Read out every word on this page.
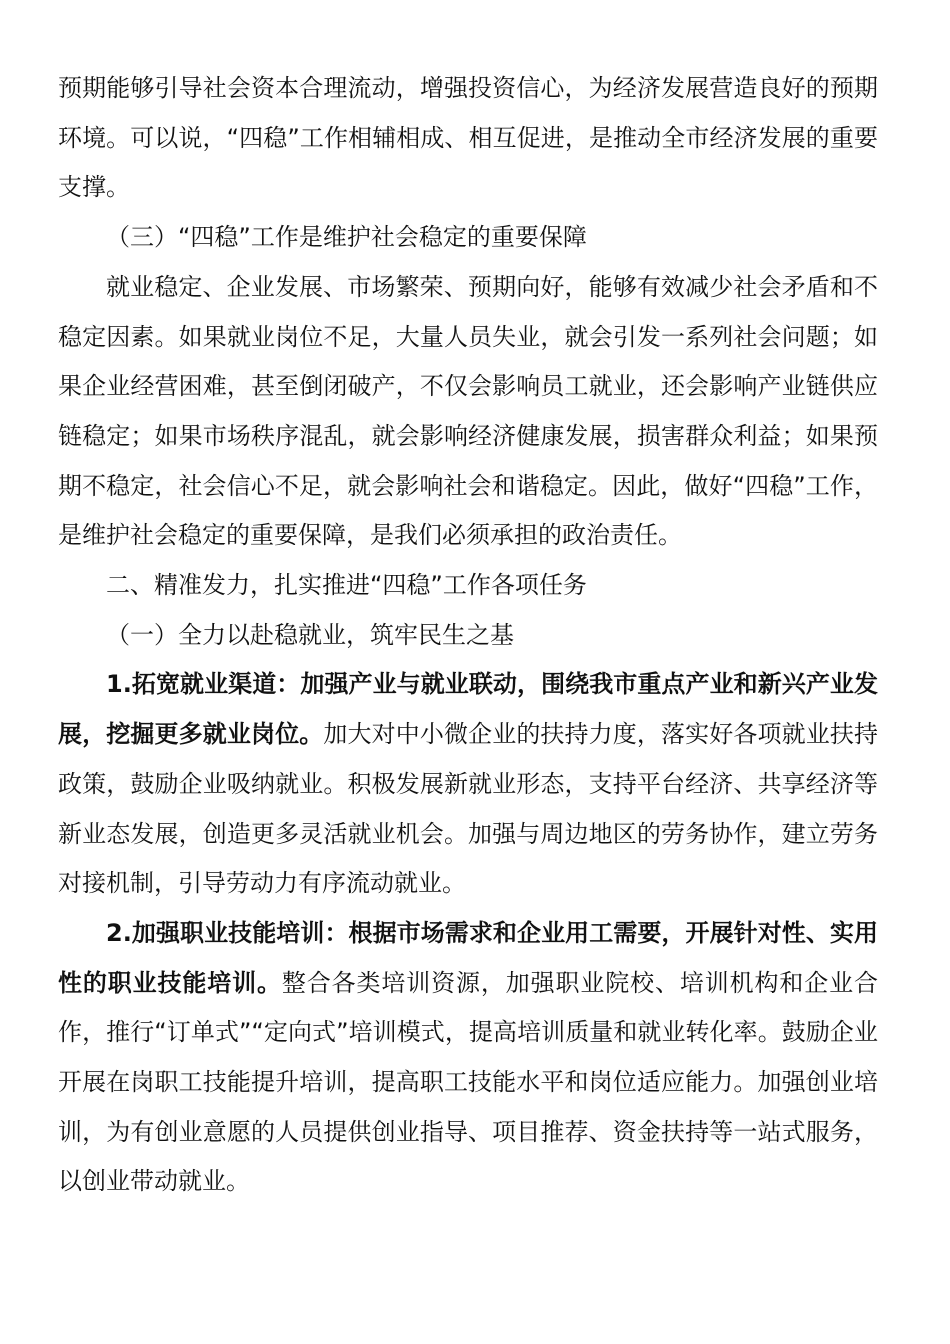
预期能够引导社会资本合理流动，增强投资信心，为经济发展营造良好的预期环境。可以说，“四稳”工作相辅相成、相互促进，是推动全市经济发展的重要支撑。

（三）“四稳”工作是维护社会稳定的重要保障

就业稳定、企业发展、市场繁荣、预期向好，能够有效减少社会矛盾和不稳定因素。如果就业岗位不足，大量人员失业，就会引发一系列社会问题；如果企业经营困难，甚至倒闭破产，不仅会影响员工就业，还会影响产业链供应链稳定；如果市场秩序混乱，就会影响经济健康发展，损害群众利益；如果预期不稳定，社会信心不足，就会影响社会和谐稳定。因此，做好“四稳”工作，是维护社会稳定的重要保障，是我们必须承担的政治责任。

二、精准发力，扎实推进“四稳”工作各项任务

（一）全力以赴稳就业，筑牢民生之基

1.拓宽就业渠道：加强产业与就业联动，围绕我市重点产业和新兴产业发展，挖掘更多就业岗位。加大对中小微企业的扶持力度，落实好各项就业扶持政策，鼓励企业吸纳就业。积极发展新就业形态，支持平台经济、共享经济等新业态发展，创造更多灵活就业机会。加强与周边地区的劳务协作，建立劳务对接机制，引导劳动力有序流动就业。

2.加强职业技能培训：根据市场需求和企业用工需要，开展针对性、实用性的职业技能培训。整合各类培训资源，加强职业院校、培训机构和企业合作，推行“订单式”“定向式”培训模式，提高培训质量和就业转化率。鼓励企业开展在岗职工技能提升培训，提高职工技能水平和岗位适应能力。加强创业培训，为有创业意愿的人员提供创业指导、项目推荐、资金扶持等一站式服务，以创业带动就业。
